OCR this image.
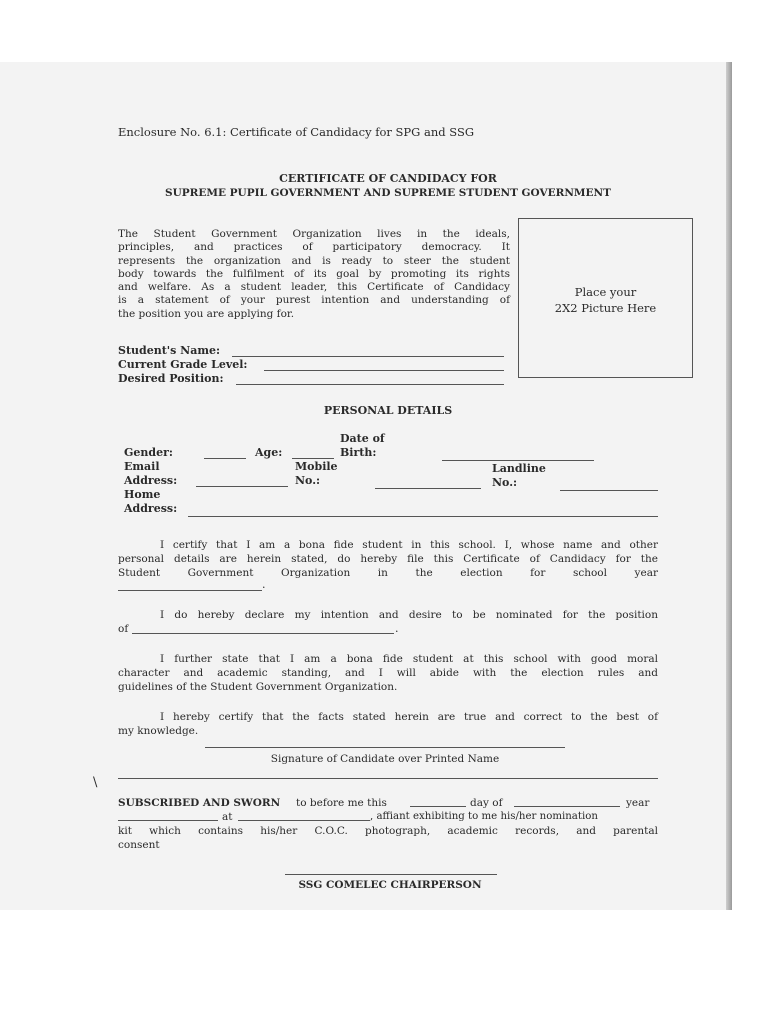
Enclosure No. 6.1: Certificate of Candidacy for SPG and SSG
CERTIFICATE OF CANDIDACY FOR
SUPREME PUPIL GOVERNMENT AND SUPREME STUDENT GOVERNMENT
The Student Government Organization lives in the ideals,
principles, and practices of participatory democracy. It
represents the organization and is ready to steer the student
body towards the fulfilment of its goal by promoting its rights
and welfare. As a student leader, this Certificate of Candidacy
is a statement of your purest intention and understanding of
the position you are applying for.
Place your
2X2 Picture Here
Student's Name:
Current Grade Level:
Desired Position:
PERSONAL DETAILS
Date of
Gender:	Age:	Birth:
Email	Mobile	Landline
Address:	No.:	No.:
Home
Address:
I certify that I am a bona fide student in this school. I, whose name and other
personal details are herein stated, do hereby file this Certificate of Candidacy for the
Student Government Organization in the election for school year
.
I do hereby declare my intention and desire to be nominated for the position
of	.
I further state that I am a bona fide student at this school with good moral
character and academic standing, and I will abide with the election rules and
guidelines of the Student Government Organization.
I hereby certify that the facts stated herein are true and correct to the best of
my knowledge.
Signature of Candidate over Printed Name
\
SUBSCRIBED AND SWORN to before me this	day of	year
at	, affiant exhibiting to me his/her nomination
kit which contains his/her C.O.C. photograph, academic records, and parental
consent
SSG COMELEC CHAIRPERSON
